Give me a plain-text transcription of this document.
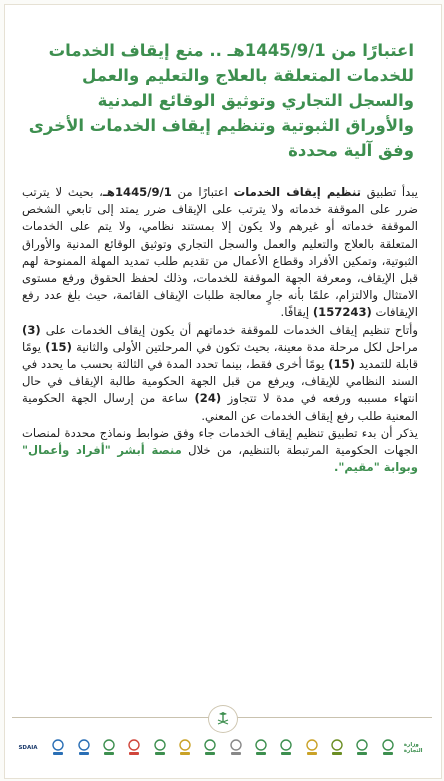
اعتبارًا من 1445/9/1هـ .. منع إيقاف الخدمات للخدمات المتعلقة بالعلاج والتعليم والعمل والسجل التجاري وتوثيق الوقائع المدنية والأوراق الثبوتية وتنظيم إيقاف الخدمات الأخرى وفق آلية محددة

يبدأ تطبيق تنظيم إيقاف الخدمات اعتبارًا من 1445/9/1هـ، بحيث لا يترتب ضرر على الموقفة خدماته ولا يترتب على الإيقاف ضرر يمتد إلى تابعي الشخص الموقفة خدماته أو غيرهم ولا يكون إلا بمستند نظامي، ولا يتم على الخدمات المتعلقة بالعلاج والتعليم والعمل والسجل التجاري وتوثيق الوقائع المدنية والأوراق الثبوتية، وتمكين الأفراد وقطاع الأعمال من تقديم طلب تمديد المهلة الممنوحة لهم قبل الإيقاف، ومعرفة الجهة الموقفة للخدمات، وذلك لحفظ الحقوق ورفع مستوى الامتثال والالتزام، علمًا بأنه جارٍ معالجة طلبات الإيقاف القائمة، حيث بلغ عدد رفع الإيقافات (157243) إيقافًا.

وأتاح تنظيم إيقاف الخدمات للموقفة خدماتهم أن يكون إيقاف الخدمات على (3) مراحل لكل مرحلة مدة معينة، بحيث تكون في المرحلتين الأولى والثانية (15) يومًا قابلة للتمديد (15) يومًا أخرى فقط، بينما تحدد المدة في الثالثة بحسب ما يحدد في السند النظامي للإيقاف، ويرفع من قبل الجهة الحكومية طالبة الإيقاف في حال انتهاء مسببه ورفعه في مدة لا تتجاوز (24) ساعة من إرسال الجهة الحكومية المعنية طلب رفع إيقاف الخدمات عن المعني.

يذكر أن بدء تطبيق تنظيم إيقاف الخدمات جاء وفق ضوابط ونماذج محددة لمنصات الجهات الحكومية المرتبطة بالتنظيم، من خلال منصة أبشر "أفراد وأعمال" وبوابة "مقيم".

وزارة التجارة
SDAIA
